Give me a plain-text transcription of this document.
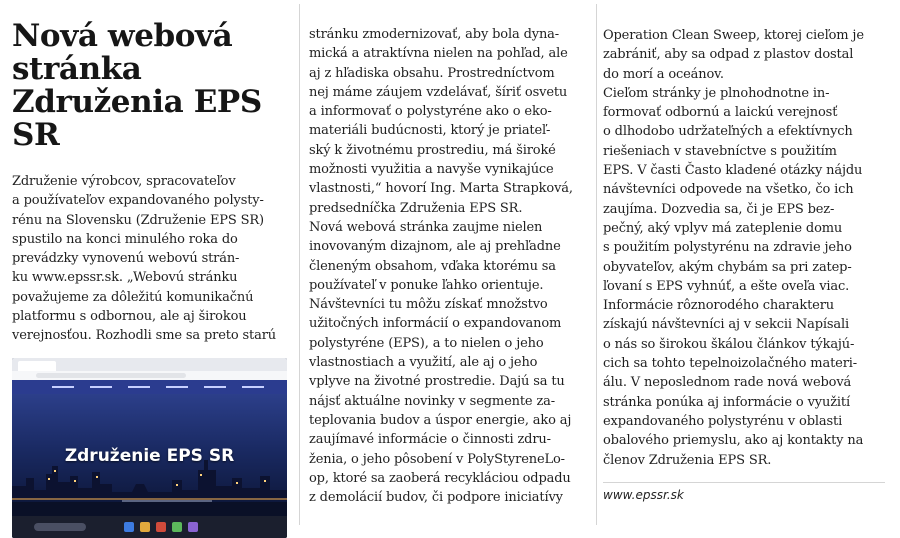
Nová webová
stránka
Združenia EPS SR
Združenie výrobcov, spracovateľov
a používateľov expandovaného polysty-
rénu na Slovensku (Združenie EPS SR)
spustilo na konci minulého roka do
prevádzky vynovenú webovú strán-
ku www.epssr.sk. „Webovú stránku
považujeme za dôležitú komunikačnú
platformu s odbornou, ale aj širokou
verejnosťou. Rozhodli sme sa preto starú
Združenie EPS SR
stránku zmodernizovať, aby bola dyna-
mická a atraktívna nielen na pohľad, ale
aj z hľadiska obsahu. Prostredníctvom
nej máme záujem vzdelávať, šíriť osvetu
a informovať o polystyréne ako o eko-
materiáli budúcnosti, ktorý je priateľ-
ský k životnému prostrediu, má široké
možnosti využitia a navyše vynikajúce
vlastnosti,“ hovorí Ing. Marta Strapková,
predsedníčka Združenia EPS SR.
Nová webová stránka zaujme nielen
inovovaným dizajnom, ale aj prehľadne
členeným obsahom, vďaka ktorému sa
používateľ v ponuke ľahko orientuje.
Návštevníci tu môžu získať množstvo
užitočných informácií o expandovanom
polystyréne (EPS), a to nielen o jeho
vlastnostiach a využití, ale aj o jeho
vplyve na životné prostredie. Dajú sa tu
nájsť aktuálne novinky v segmente za-
teplovania budov a úspor energie, ako aj
zaujímavé informácie o činnosti zdru-
ženia, o jeho pôsobení v PolyStyreneLo-
op, ktoré sa zaoberá recykláciou odpadu
z demolácií budov, či podpore iniciatívy
Operation Clean Sweep, ktorej cieľom je
zabrániť, aby sa odpad z plastov dostal
do morí a oceánov.
Cieľom stránky je plnohodnotne in-
formovať odbornú a laickú verejnosť
o dlhodobo udržateľných a efektívnych
riešeniach v stavebníctve s použitím
EPS. V časti Často kladené otázky nájdu
návštevníci odpovede na všetko, čo ich
zaujíma. Dozvedia sa, či je EPS bez-
pečný, aký vplyv má zateplenie domu
s použitím polystyrénu na zdravie jeho
obyvateľov, akým chybám sa pri zatep-
ľovaní s EPS vyhnúť, a ešte oveľa viac.
Informácie rôznorodého charakteru
získajú návštevníci aj v sekcii Napísali
o nás so širokou škálou článkov týkajú-
cich sa tohto tepelnoizolačného materi-
álu. V neposlednom rade nová webová
stránka ponúka aj informácie o využití
expandovaného polystyrénu v oblasti
obalového priemyslu, ako aj kontakty na
členov Združenia EPS SR.
www.epssr.sk
